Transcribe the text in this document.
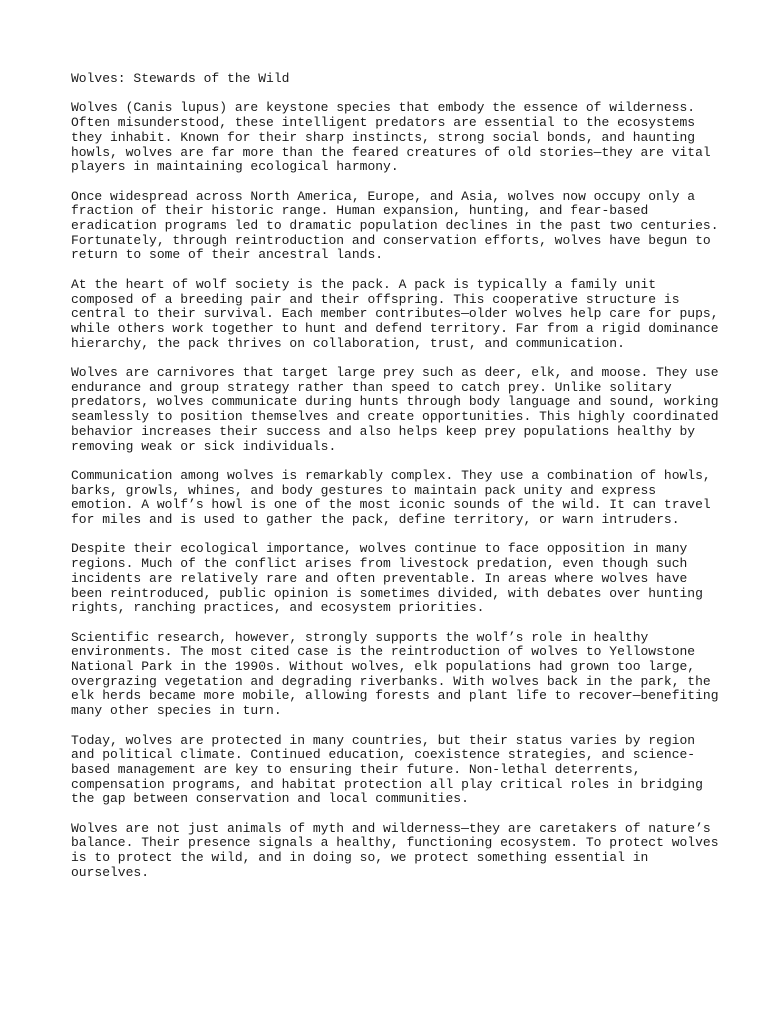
Wolves: Stewards of the Wild
Wolves (Canis lupus) are keystone species that embody the essence of wilderness.
Often misunderstood, these intelligent predators are essential to the ecosystems
they inhabit. Known for their sharp instincts, strong social bonds, and haunting
howls, wolves are far more than the feared creatures of old stories—they are vital
players in maintaining ecological harmony.
Once widespread across North America, Europe, and Asia, wolves now occupy only a
fraction of their historic range. Human expansion, hunting, and fear-based
eradication programs led to dramatic population declines in the past two centuries.
Fortunately, through reintroduction and conservation efforts, wolves have begun to
return to some of their ancestral lands.
At the heart of wolf society is the pack. A pack is typically a family unit
composed of a breeding pair and their offspring. This cooperative structure is
central to their survival. Each member contributes—older wolves help care for pups,
while others work together to hunt and defend territory. Far from a rigid dominance
hierarchy, the pack thrives on collaboration, trust, and communication.
Wolves are carnivores that target large prey such as deer, elk, and moose. They use
endurance and group strategy rather than speed to catch prey. Unlike solitary
predators, wolves communicate during hunts through body language and sound, working
seamlessly to position themselves and create opportunities. This highly coordinated
behavior increases their success and also helps keep prey populations healthy by
removing weak or sick individuals.
Communication among wolves is remarkably complex. They use a combination of howls,
barks, growls, whines, and body gestures to maintain pack unity and express
emotion. A wolf’s howl is one of the most iconic sounds of the wild. It can travel
for miles and is used to gather the pack, define territory, or warn intruders.
Despite their ecological importance, wolves continue to face opposition in many
regions. Much of the conflict arises from livestock predation, even though such
incidents are relatively rare and often preventable. In areas where wolves have
been reintroduced, public opinion is sometimes divided, with debates over hunting
rights, ranching practices, and ecosystem priorities.
Scientific research, however, strongly supports the wolf’s role in healthy
environments. The most cited case is the reintroduction of wolves to Yellowstone
National Park in the 1990s. Without wolves, elk populations had grown too large,
overgrazing vegetation and degrading riverbanks. With wolves back in the park, the
elk herds became more mobile, allowing forests and plant life to recover—benefiting
many other species in turn.
Today, wolves are protected in many countries, but their status varies by region
and political climate. Continued education, coexistence strategies, and science-
based management are key to ensuring their future. Non-lethal deterrents,
compensation programs, and habitat protection all play critical roles in bridging
the gap between conservation and local communities.
Wolves are not just animals of myth and wilderness—they are caretakers of nature’s
balance. Their presence signals a healthy, functioning ecosystem. To protect wolves
is to protect the wild, and in doing so, we protect something essential in
ourselves.
